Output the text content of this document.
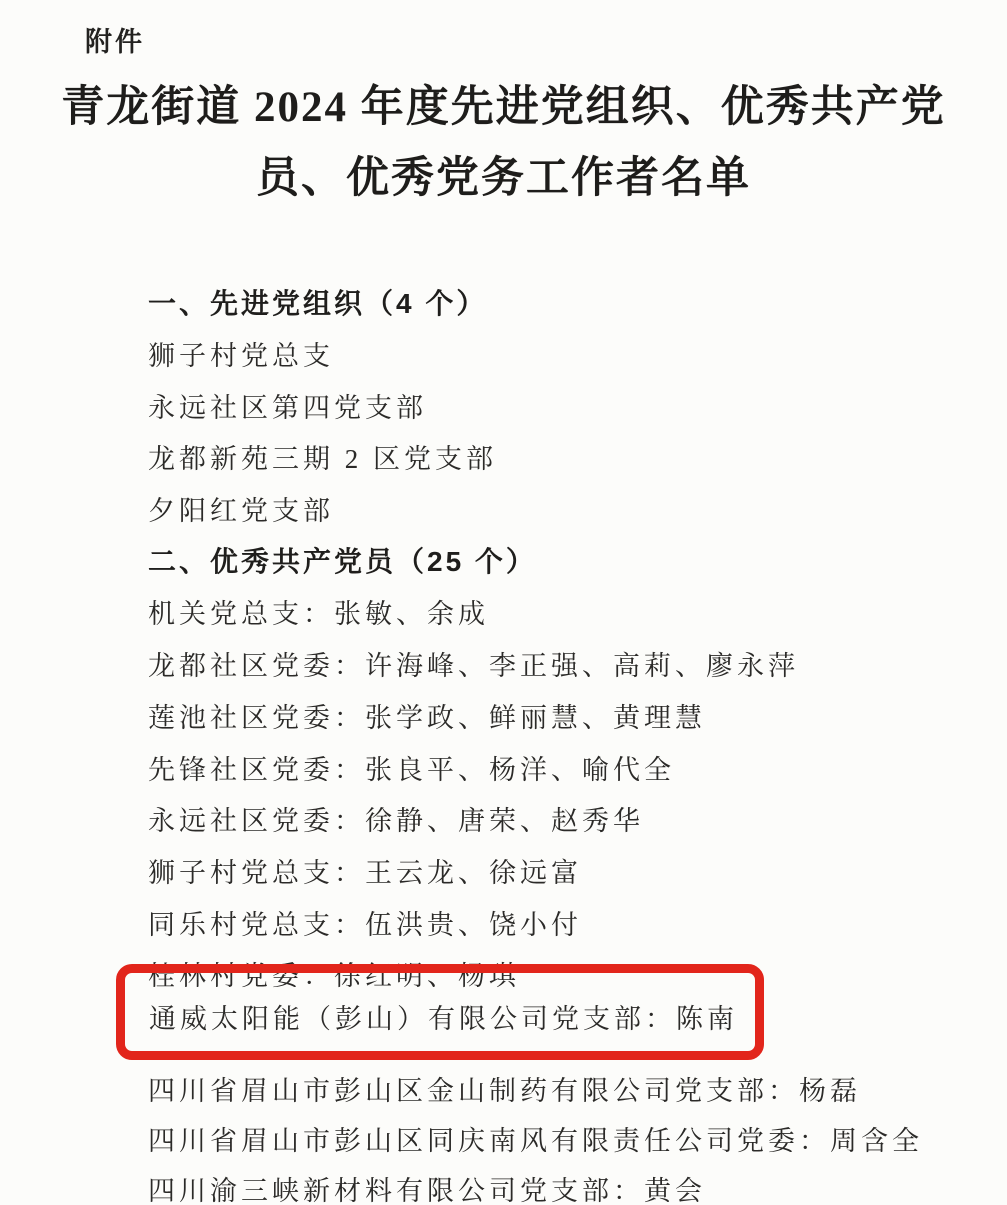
附件
青龙街道 2024 年度先进党组织、优秀共产党
员、优秀党务工作者名单
一、先进党组织（4 个）
狮子村党总支
永远社区第四党支部
龙都新苑三期 2 区党支部
夕阳红党支部
二、优秀共产党员（25 个）
机关党总支：张敏、余成
龙都社区党委：许海峰、李正强、高莉、廖永萍
莲池社区党委：张学政、鲜丽慧、黄理慧
先锋社区党委：张良平、杨洋、喻代全
永远社区党委：徐静、唐荣、赵秀华
狮子村党总支：王云龙、徐远富
同乐村党总支：伍洪贵、饶小付
桂林村党委：徐红明、杨琪
通威太阳能（彭山）有限公司党支部：陈南
四川省眉山市彭山区金山制药有限公司党支部：杨磊
四川省眉山市彭山区同庆南风有限责任公司党委：周含全
四川渝三峡新材料有限公司党支部：黄会
